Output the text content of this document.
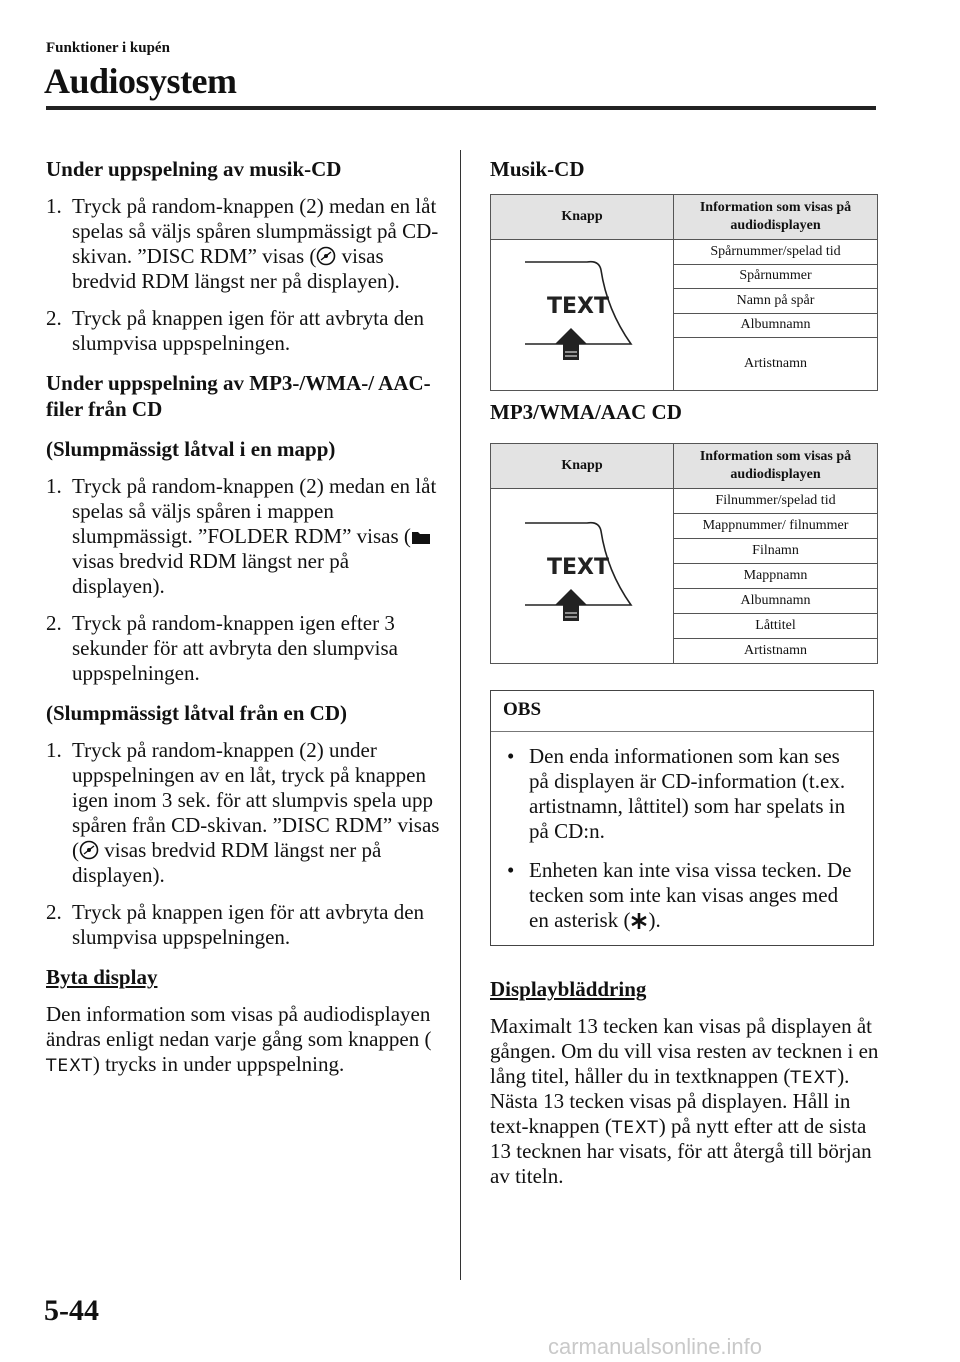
Funktioner i kupén
Audiosystem
Under uppspelning av musik-CD
1. Tryck på random-knappen (2) medan en låt spelas så väljs spåren slumpmässigt på CD-skivan. ”DISC RDM” visas ( visas bredvid RDM längst ner på displayen).
2. Tryck på knappen igen för att avbryta den slumpvisa uppspelningen.
Under uppspelning av MP3-/WMA-/ AAC-filer från CD
(Slumpmässigt låtval i en mapp)
1. Tryck på random-knappen (2) medan en låt spelas så väljs spåren i mappen slumpmässigt. ”FOLDER RDM” visas ( visas bredvid RDM längst ner på displayen).
2. Tryck på random-knappen igen efter 3 sekunder för att avbryta den slumpvisa uppspelningen.
(Slumpmässigt låtval från en CD)
1. Tryck på random-knappen (2) under uppspelningen av en låt, tryck på knappen igen inom 3 sek. för att slumpvis spela upp spåren från CD-skivan. ”DISC RDM” visas ( visas bredvid RDM längst ner på displayen).
2. Tryck på knappen igen för att avbryta den slumpvisa uppspelningen.
Byta display

Den information som visas på audiodisplayen ändras enligt nedan varje gång som knappen (TEXT) trycks in under uppspelning.

Musik-CD
Knapp	Information som visas på audiodisplayen

TEXT	Spårnummer/spelad tid
	Spårnummer
	Namn på spår
	Albumnamn
	Artistnamn
MP3/WMA/AAC CD
Knapp	Information som visas på audiodisplayen

TEXT	Filnummer/spelad tid
	Mappnummer/ filnummer
	Filnamn
	Mappnamn
	Albumnamn
	Låttitel
	Artistnamn
OBS
• Den enda informationen som kan ses på displayen är CD-information (t.ex. artistnamn, låttitel) som har spelats in på CD:n.
• Enheten kan inte visa vissa tecken. De tecken som inte kan visas anges med en asterisk ( ).
Displaybläddring

Maximalt 13 tecken kan visas på displayen åt gången. Om du vill visa resten av tecknen i en lång titel, håller du in textknappen (TEXT). Nästa 13 tecken visas på displayen. Håll in text-knappen (TEXT) på nytt efter att de sista 13 tecknen har visats, för att återgå till början av titeln.

5-44
carmanualsonline.info
